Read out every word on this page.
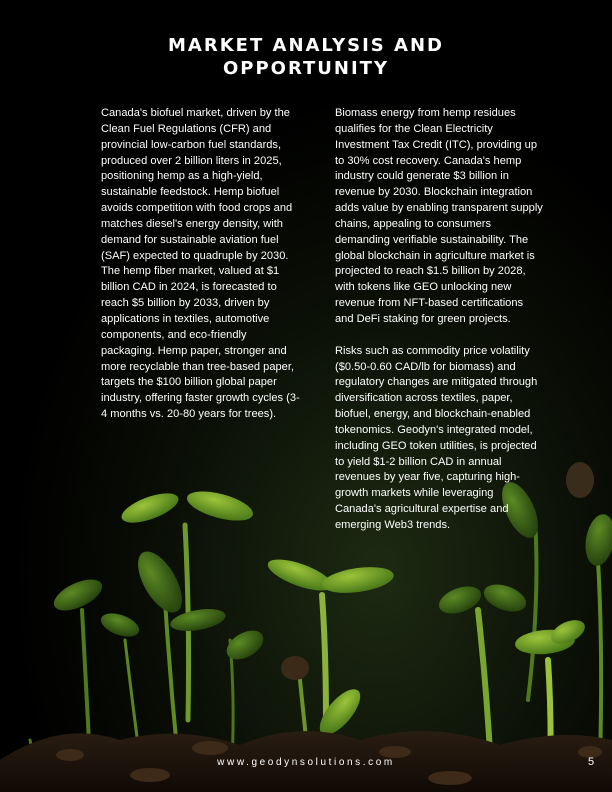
MARKET ANALYSIS AND
OPPORTUNITY

Canada's biofuel market, driven by the Clean Fuel Regulations (CFR) and provincial low-carbon fuel standards, produced over 2 billion liters in 2025, positioning hemp as a high-yield, sustainable feedstock. Hemp biofuel avoids competition with food crops and matches diesel's energy density, with demand for sustainable aviation fuel (SAF) expected to quadruple by 2030. The hemp fiber market, valued at $1 billion CAD in 2024, is forecasted to reach $5 billion by 2033, driven by applications in textiles, automotive components, and eco-friendly packaging. Hemp paper, stronger and more recyclable than tree-based paper, targets the $100 billion global paper industry, offering faster growth cycles (3-4 months vs. 20-80 years for trees).

Biomass energy from hemp residues qualifies for the Clean Electricity Investment Tax Credit (ITC), providing up to 30% cost recovery. Canada's hemp industry could generate $3 billion in revenue by 2030. Blockchain integration adds value by enabling transparent supply chains, appealing to consumers demanding verifiable sustainability. The global blockchain in agriculture market is projected to reach $1.5 billion by 2028, with tokens like GEO unlocking new revenue from NFT-based certifications and DeFi staking for green projects.

Risks such as commodity price volatility ($0.50-0.60 CAD/lb for biomass) and regulatory changes are mitigated through diversification across textiles, paper, biofuel, energy, and blockchain-enabled tokenomics. Geodyn's integrated model, including GEO token utilities, is projected to yield $1-2 billion CAD in annual revenues by year five, capturing high-growth markets while leveraging Canada's agricultural expertise and emerging Web3 trends.

www.geodynsolutions.com	5
